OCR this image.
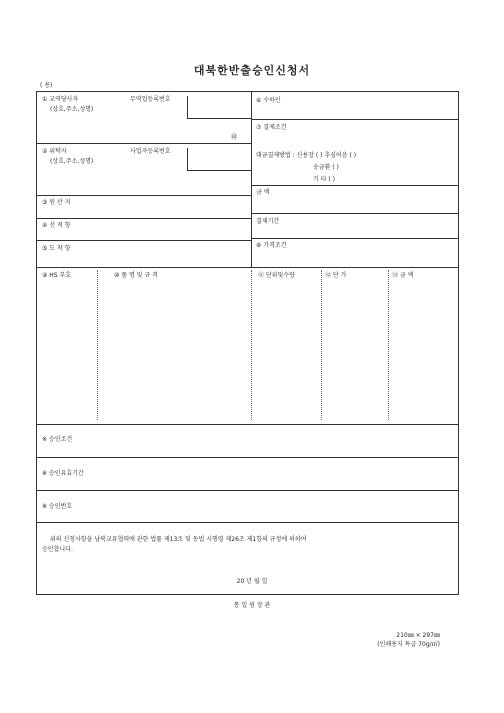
대북한반출승인신청서
( 용)
① 교역당사자
(상호,주소,성명)
무역업등록번호
㊞
② 위탁자
(상호,주소,성명)
사업자등록번호
③ 원 산 지
④ 선 적 항
⑤ 도 착 항
⑥ 수하인
⑦ 결제조건
대금결제방법 : 신용장 ( ) 추심어음 ( )
송금환 ( )
기 타 ( )
금 액
결제기간
⑧ 가격조건
⑨ HS 부호	⑩ 품 명 및 규 격	⑪ 단위및수량	⑫ 단 가	⑬ 금 액
※ 승인조건
※ 승인유효기간
※ 승인번호
위의 신청사항을 남북교류협력에 관한 법률 제13조 및 동법 시행령 제26조 제1항의 규정에 의하여
승인합니다.
20 년 월 일
통 일 원 장 관
210㎜ × 297㎜
(인쇄용지 특급 70g/㎡)
